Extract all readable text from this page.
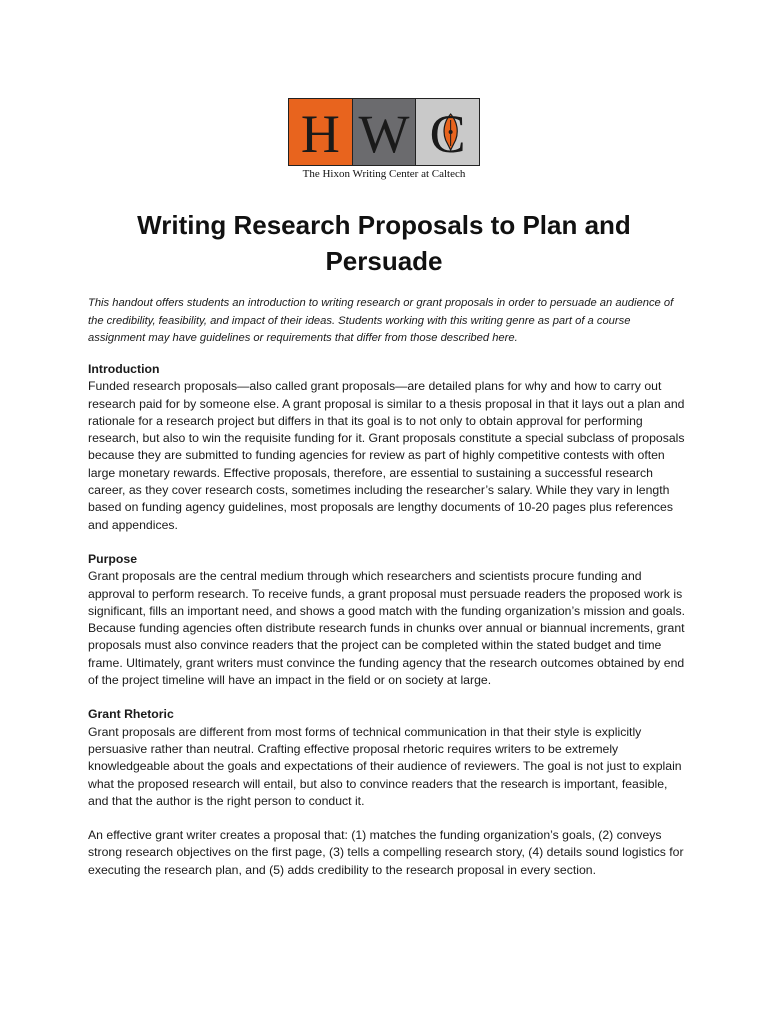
H W C
The Hixon Writing Center at Caltech
Writing Research Proposals to Plan and Persuade

This handout offers students an introduction to writing research or grant proposals in order to persuade an audience of the credibility, feasibility, and impact of their ideas. Students working with this writing genre as part of a course assignment may have guidelines or requirements that differ from those described here.

Introduction

Funded research proposals—also called grant proposals—are detailed plans for why and how to carry out research paid for by someone else. A grant proposal is similar to a thesis proposal in that it lays out a plan and rationale for a research project but differs in that its goal is to not only to obtain approval for performing research, but also to win the requisite funding for it. Grant proposals constitute a special subclass of proposals because they are submitted to funding agencies for review as part of highly competitive contests with often large monetary rewards. Effective proposals, therefore, are essential to sustaining a successful research career, as they cover research costs, sometimes including the researcher’s salary. While they vary in length based on funding agency guidelines, most proposals are lengthy documents of 10-20 pages plus references and appendices.

Purpose

Grant proposals are the central medium through which researchers and scientists procure funding and approval to perform research. To receive funds, a grant proposal must persuade readers the proposed work is significant, fills an important need, and shows a good match with the funding organization’s mission and goals. Because funding agencies often distribute research funds in chunks over annual or biannual increments, grant proposals must also convince readers that the project can be completed within the stated budget and time frame. Ultimately, grant writers must convince the funding agency that the research outcomes obtained by end of the project timeline will have an impact in the field or on society at large.

Grant Rhetoric

Grant proposals are different from most forms of technical communication in that their style is explicitly persuasive rather than neutral. Crafting effective proposal rhetoric requires writers to be extremely knowledgeable about the goals and expectations of their audience of reviewers. The goal is not just to explain what the proposed research will entail, but also to convince readers that the research is important, feasible, and that the author is the right person to conduct it.

An effective grant writer creates a proposal that: (1) matches the funding organization’s goals, (2) conveys strong research objectives on the first page, (3) tells a compelling research story, (4) details sound logistics for executing the research plan, and (5) adds credibility to the research proposal in every section.
